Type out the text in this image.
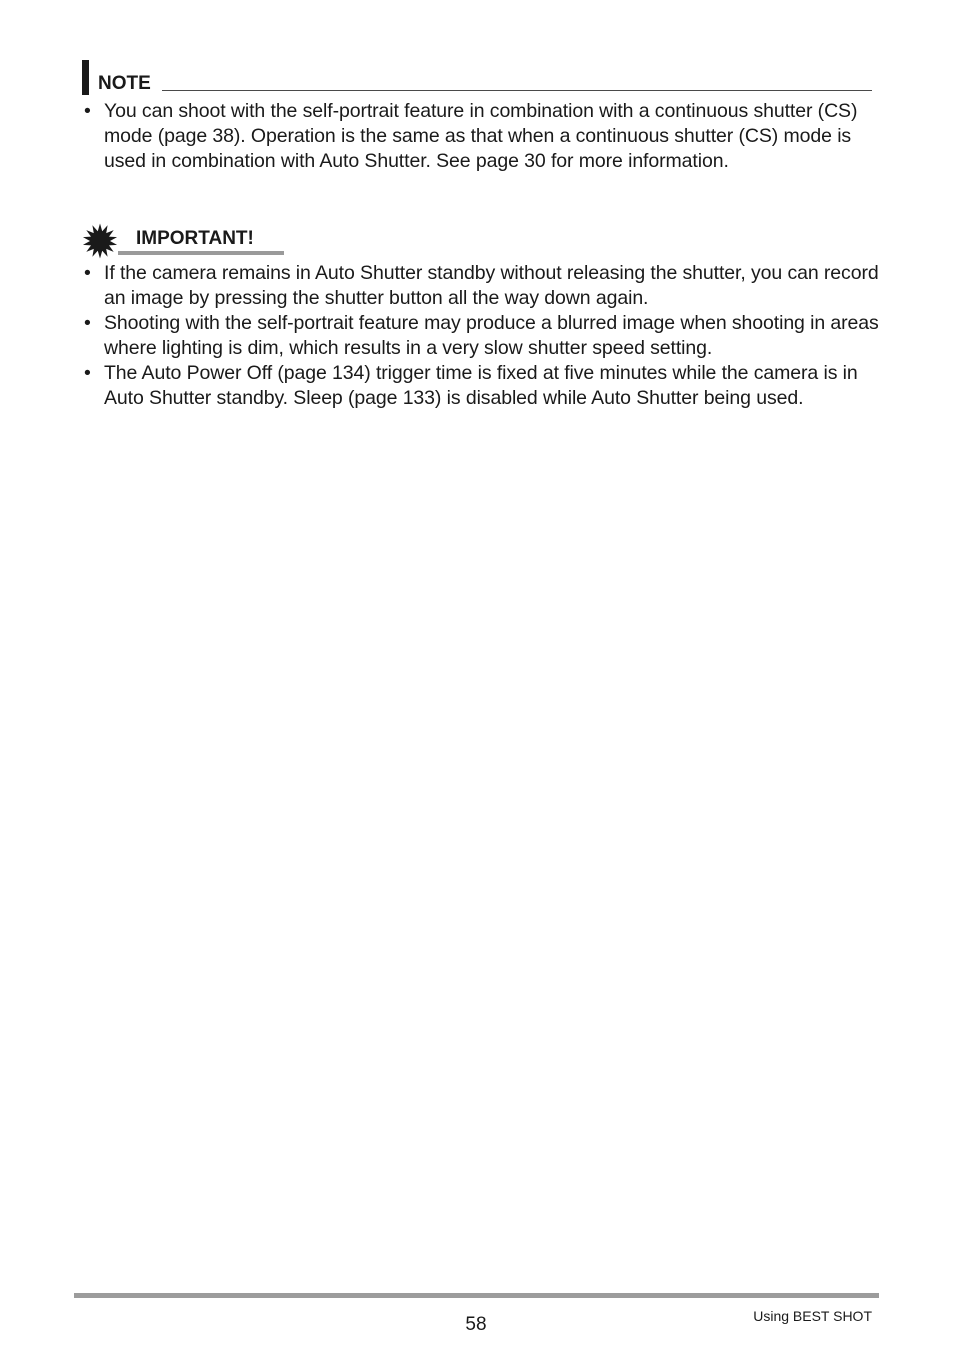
NOTE
• You can shoot with the self-portrait feature in combination with a continuous shutter (CS) mode (page 38). Operation is the same as that when a continuous shutter (CS) mode is used in combination with Auto Shutter. See page 30 for more information.
IMPORTANT!
• If the camera remains in Auto Shutter standby without releasing the shutter, you can record an image by pressing the shutter button all the way down again.
• Shooting with the self-portrait feature may produce a blurred image when shooting in areas where lighting is dim, which results in a very slow shutter speed setting.
• The Auto Power Off (page 134) trigger time is fixed at five minutes while the camera is in Auto Shutter standby. Sleep (page 133) is disabled while Auto Shutter being used.
58	Using BEST SHOT
